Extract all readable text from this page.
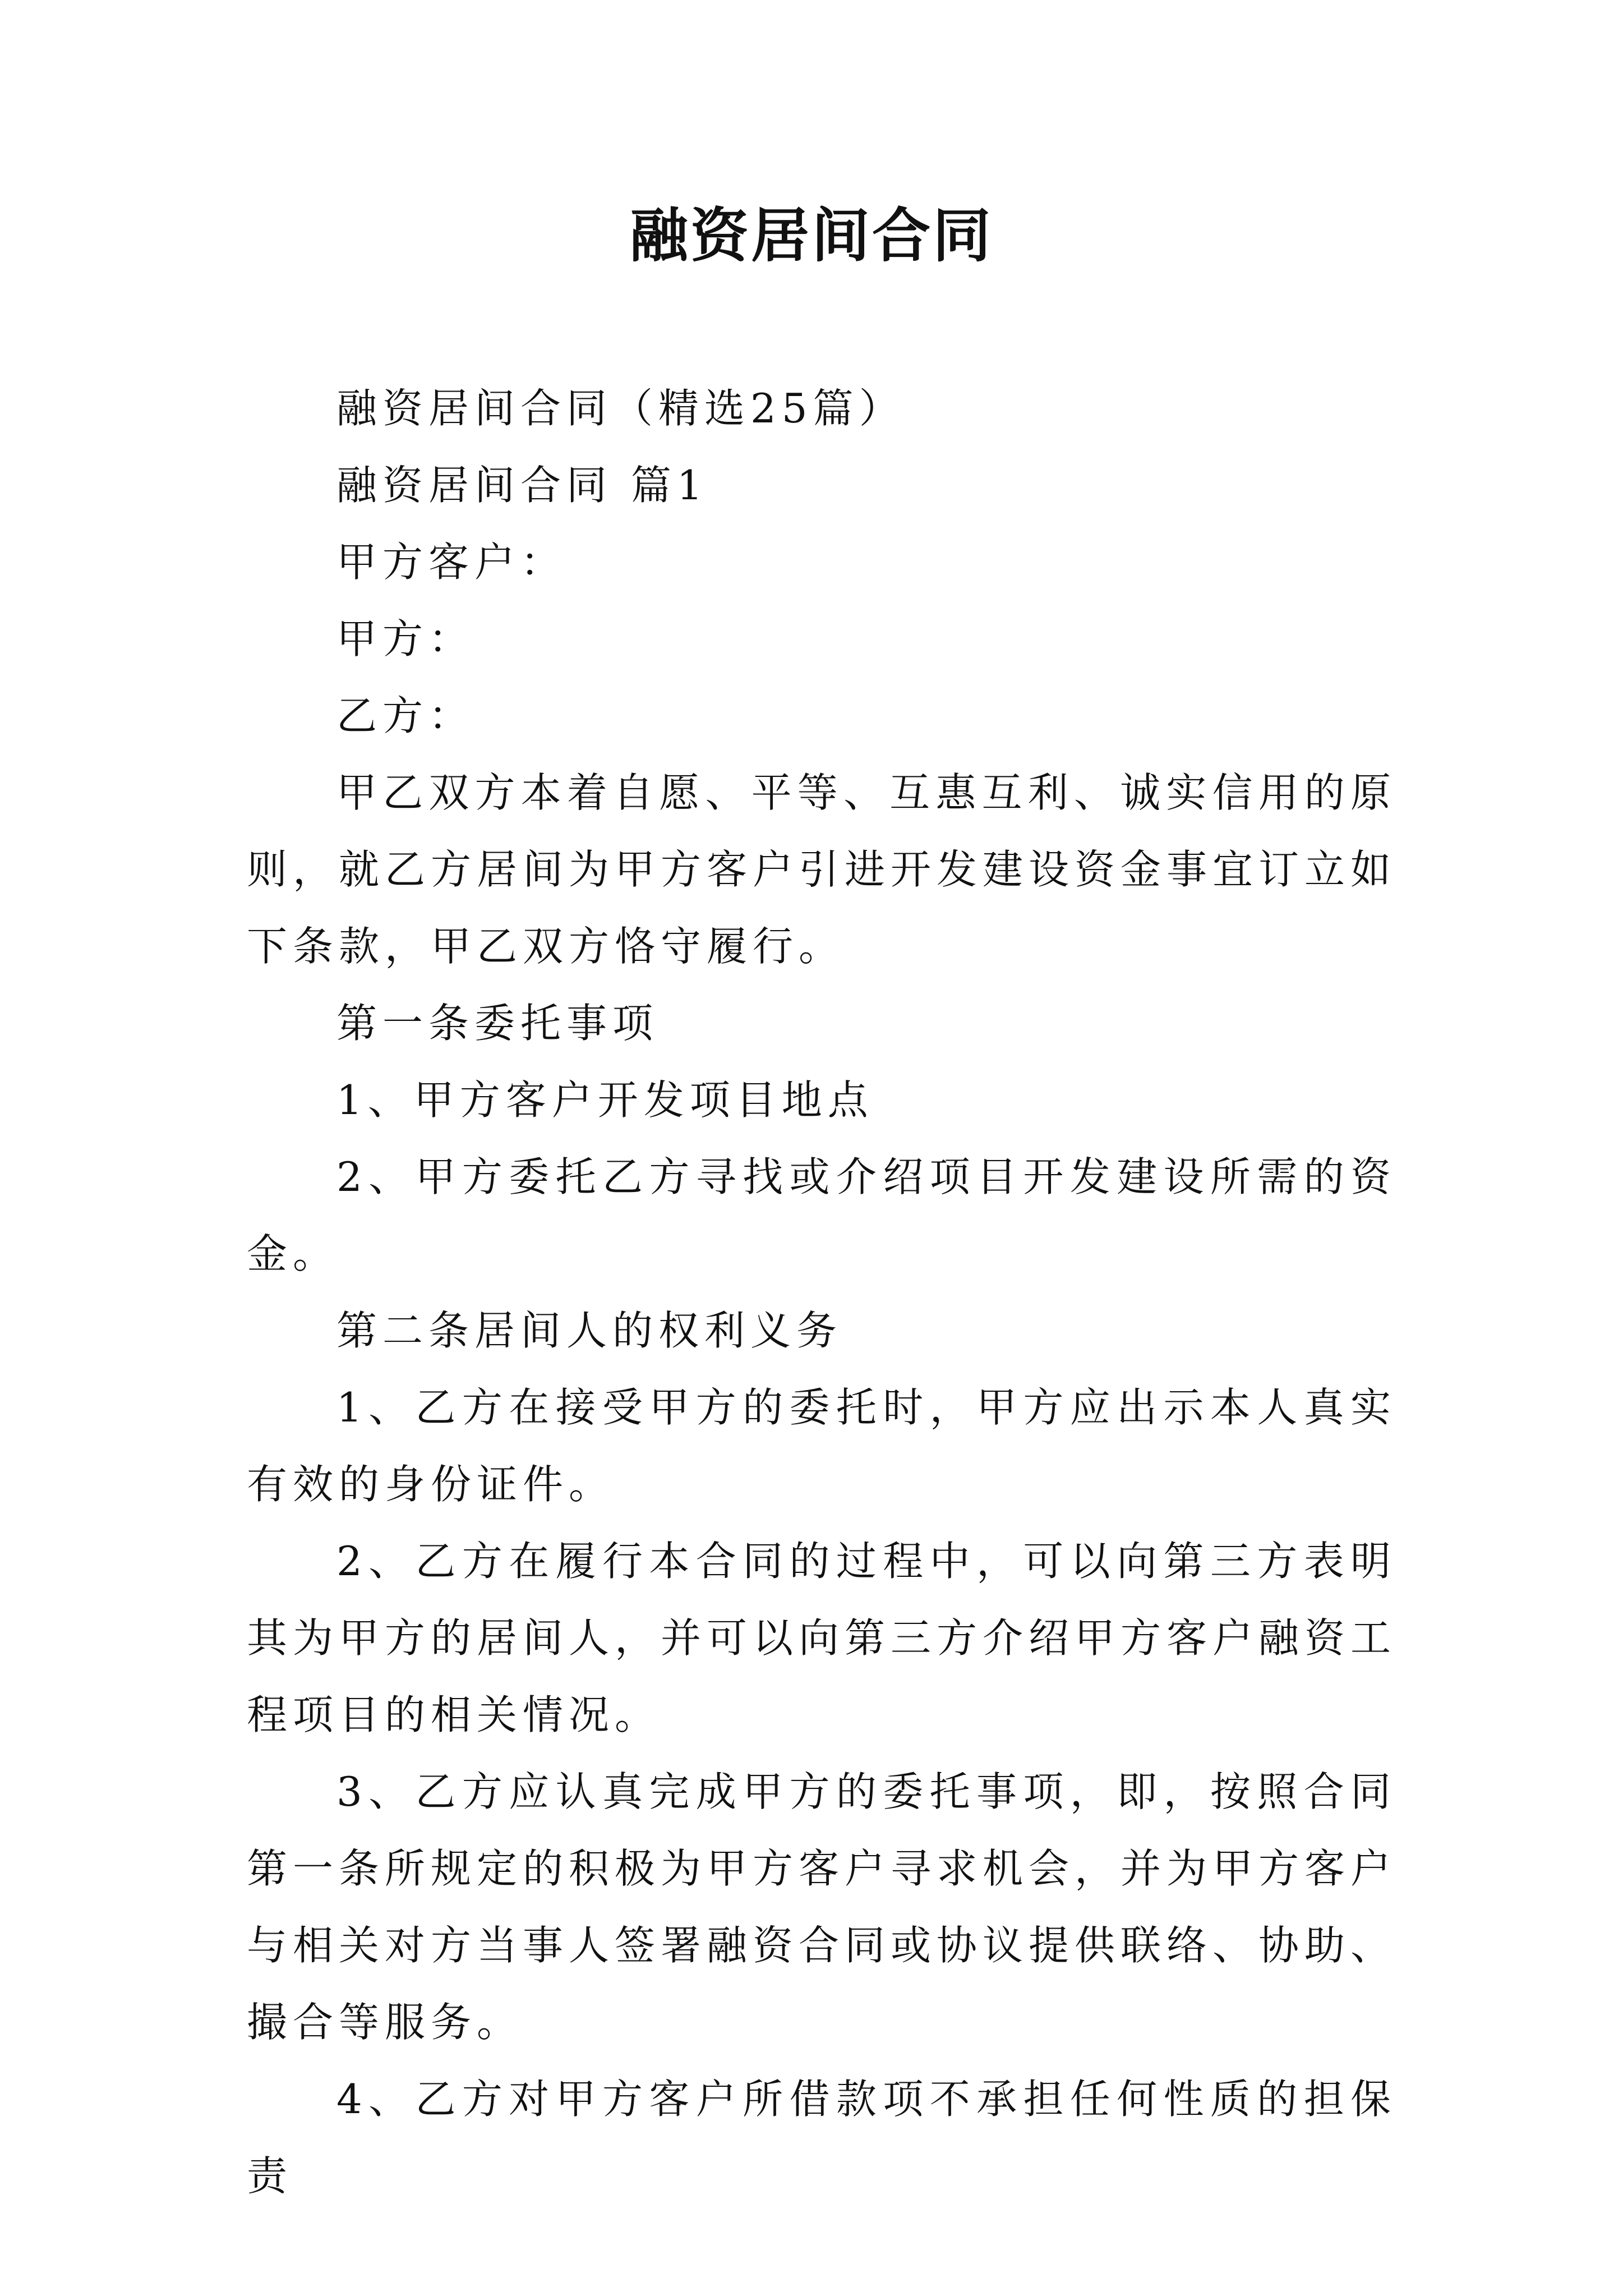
融资居间合同

融资居间合同（精选25篇）

融资居间合同 篇1

甲方客户：

甲方：

乙方：

甲乙双方本着自愿、平等、互惠互利、诚实信用的原则，就乙方居间为甲方客户引进开发建设资金事宜订立如下条款，甲乙双方恪守履行。

第一条委托事项

1、甲方客户开发项目地点

2、甲方委托乙方寻找或介绍项目开发建设所需的资金。

第二条居间人的权利义务

1、乙方在接受甲方的委托时，甲方应出示本人真实有效的身份证件。

2、乙方在履行本合同的过程中，可以向第三方表明其为甲方的居间人，并可以向第三方介绍甲方客户融资工程项目的相关情况。

3、乙方应认真完成甲方的委托事项，即，按照合同第一条所规定的积极为甲方客户寻求机会，并为甲方客户与相关对方当事人签署融资合同或协议提供联络、协助、撮合等服务。

4、乙方对甲方客户所借款项不承担任何性质的担保责
